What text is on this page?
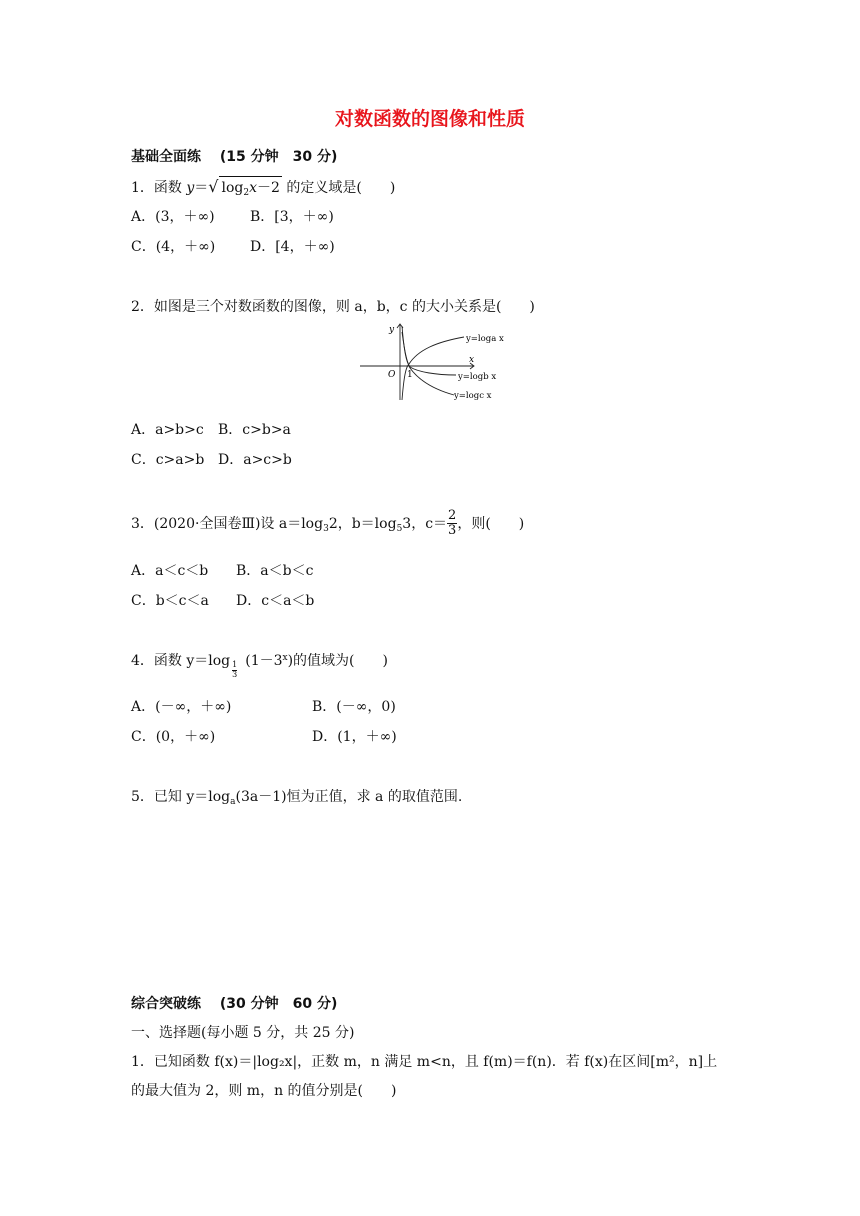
对数函数的图像和性质
基础全面练 (15 分钟　30 分)
1．函数 y＝√ $\log_2x-2$ 的定义域是(　　)
A．(3，＋∞)	B．[3，＋∞)
C．(4，＋∞) D．[4，＋∞)
2．如图是三个对数函数的图像，则 a，b，c 的大小关系是(　　)
y
x
O 1
y=loga x
y=logb x
y=logc x
A．a>b>c B．c>b>a
C．c>a>b D．a>c>b
3．(2020·全国卷Ⅲ)设 $a=\log_32$，$b=\log_53$，$c= \frac{2}{3}$ ，则(　　)
A．a＜c＜b B．a＜b＜c
C．b＜c＜a D．c＜a＜b
4．函数 y＝log
$\frac{1}{3}$
$(1-3^x)$的值域为(　　)
A．(－∞，＋∞)	B．(－∞，0)
C．(0，＋∞)	D．(1，＋∞)
5．已知 $y=\log_a(3a-1)$恒为正值，求 a 的取值范围.
综合突破练 (30 分钟　60 分)
一、选择题(每小题 5 分，共 25 分)
1．已知函数 f(x)＝|log₂x|，正数 m，n 满足 m<n，且 f(m)＝f(n)．若 f(x)在区间[m²，n]上
的最大值为 2，则 m，n 的值分别是(　　)
